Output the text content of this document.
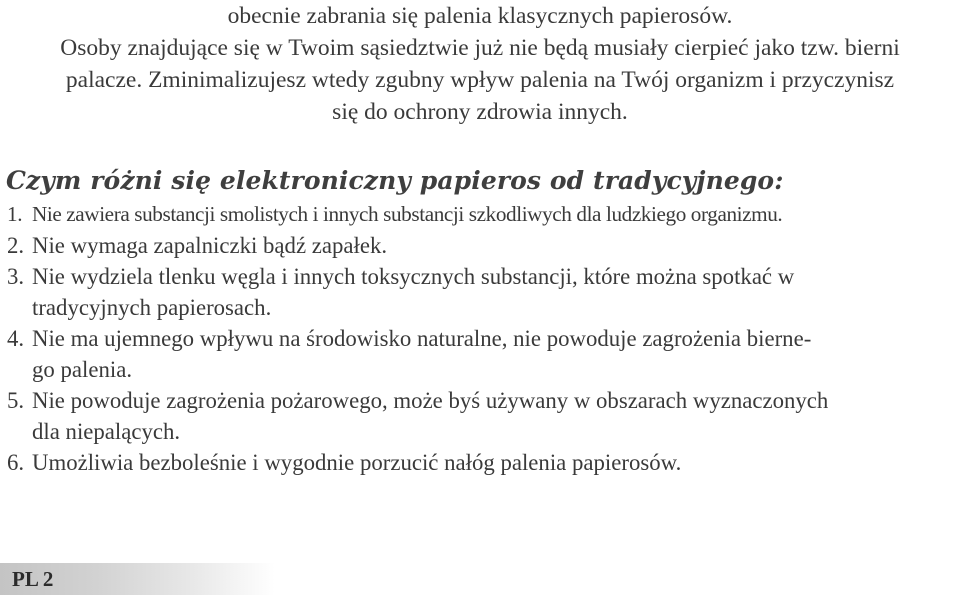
obecnie zabrania się palenia klasycznych papierosów.
Osoby znajdujące się w Twoim sąsiedztwie już nie będą musiały cierpieć jako tzw. bierni
palacze. Zminimalizujesz wtedy zgubny wpływ palenia na Twój organizm i przyczynisz
się do ochrony zdrowia innych.
Czym różni się elektroniczny papieros od tradycyjnego:
1. Nie zawiera substancji smolistych i innych substancji szkodliwych dla ludzkiego organizmu.
2. Nie wymaga zapalniczki bądź zapałek.
3. Nie wydziela tlenku węgla i innych toksycznych substancji, które można spotkać w
tradycyjnych papierosach.
4. Nie ma ujemnego wpływu na środowisko naturalne, nie powoduje zagrożenia bierne-
go palenia.
5. Nie powoduje zagrożenia pożarowego, może byś używany w obszarach wyznaczonych
dla niepalących.
6. Umożliwia bezboleśnie i wygodnie porzucić nałóg palenia papierosów.
PL 2
